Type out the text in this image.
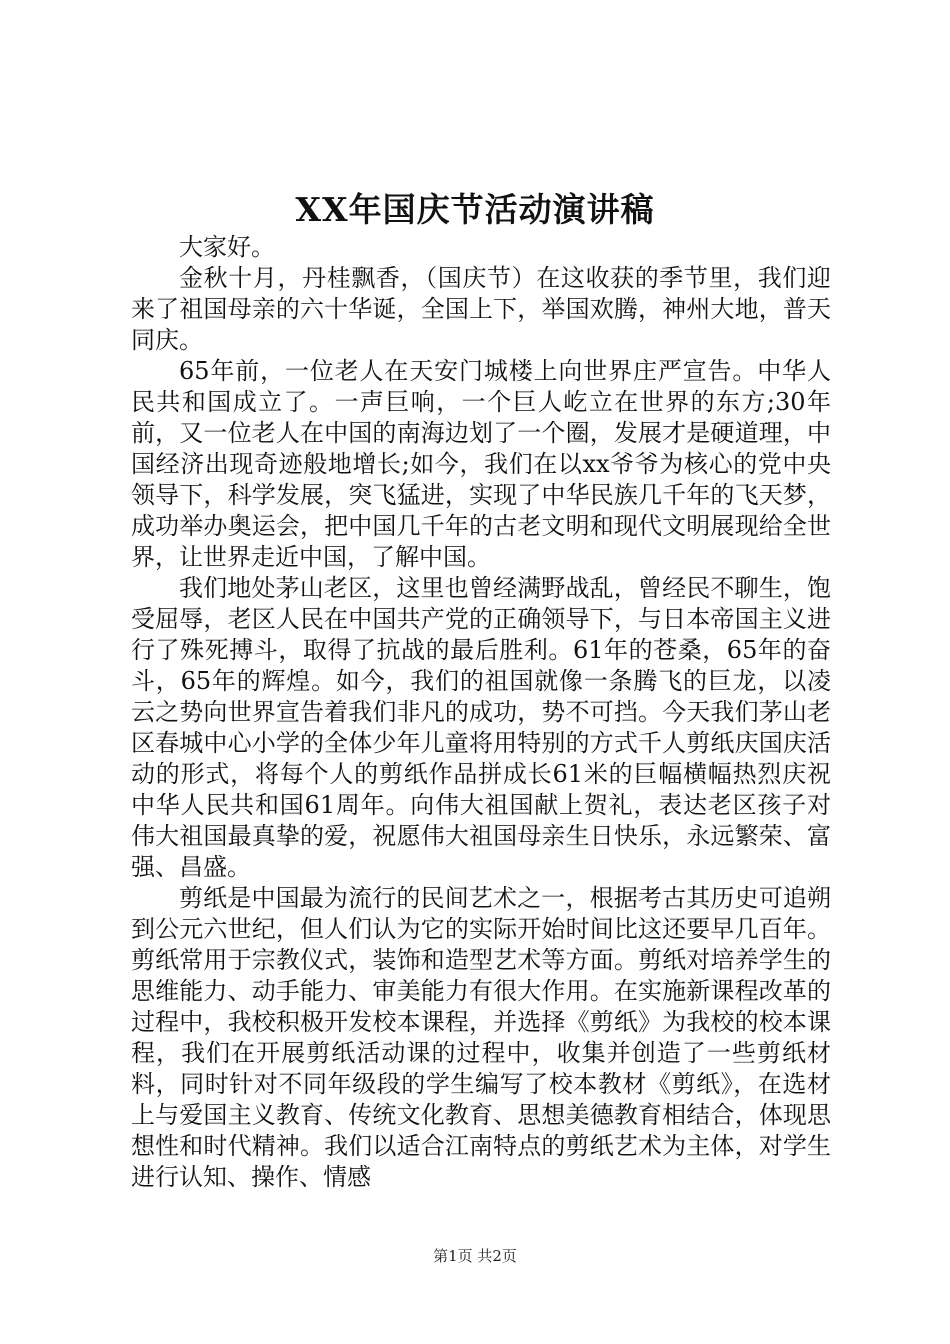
XX年国庆节活动演讲稿

大家好。

金秋十月，丹桂飘香，（国庆节）在这收获的季节里，我们迎来了祖国母亲的六十华诞，全国上下，举国欢腾，神州大地，普天同庆。

65年前，一位老人在天安门城楼上向世界庄严宣告。中华人民共和国成立了。一声巨响，一个巨人屹立在世界的东方;30年前，又一位老人在中国的南海边划了一个圈，发展才是硬道理，中国经济出现奇迹般地增长;如今，我们在以xx爷爷为核心的党中央领导下，科学发展，突飞猛进，实现了中华民族几千年的飞天梦，成功举办奥运会，把中国几千年的古老文明和现代文明展现给全世界，让世界走近中国，了解中国。

我们地处茅山老区，这里也曾经满野战乱，曾经民不聊生，饱受屈辱，老区人民在中国共产党的正确领导下，与日本帝国主义进行了殊死搏斗，取得了抗战的最后胜利。61年的苍桑，65年的奋斗，65年的辉煌。如今，我们的祖国就像一条腾飞的巨龙，以凌云之势向世界宣告着我们非凡的成功，势不可挡。今天我们茅山老区春城中心小学的全体少年儿童将用特别的方式千人剪纸庆国庆活动的形式，将每个人的剪纸作品拼成长61米的巨幅横幅热烈庆祝中华人民共和国61周年。向伟大祖国献上贺礼，表达老区孩子对伟大祖国最真挚的爱，祝愿伟大祖国母亲生日快乐，永远繁荣、富强、昌盛。

剪纸是中国最为流行的民间艺术之一，根据考古其历史可追朔到公元六世纪，但人们认为它的实际开始时间比这还要早几百年。剪纸常用于宗教仪式，装饰和造型艺术等方面。剪纸对培养学生的思维能力、动手能力、审美能力有很大作用。在实施新课程改革的过程中，我校积极开发校本课程，并选择《剪纸》为我校的校本课程，我们在开展剪纸活动课的过程中，收集并创造了一些剪纸材料，同时针对不同年级段的学生编写了校本教材《剪纸》，在选材上与爱国主义教育、传统文化教育、思想美德教育相结合，体现思想性和时代精神。我们以适合江南特点的剪纸艺术为主体，对学生进行认知、操作、情感

第1页 共2页
